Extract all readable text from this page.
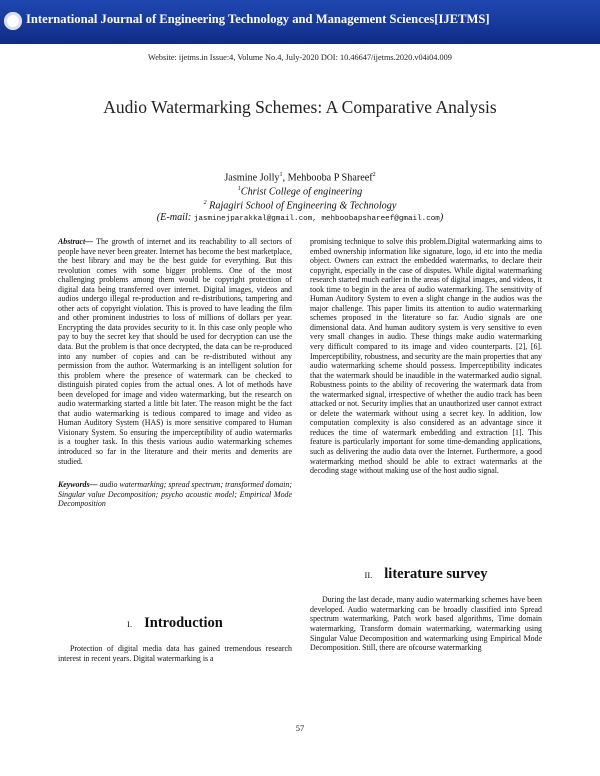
International Journal of Engineering Technology and Management Sciences[IJETMS]
Website: ijetms.in Issue:4, Volume No.4, July-2020 DOI: 10.46647/ijetms.2020.v04i04.009
Audio Watermarking Schemes: A Comparative Analysis
Jasmine Jolly$^1$, Mehbooba P Shareef$^2$
$^1$Christ College of engineering
$^2$ Rajagiri School of Engineering & Technology
(E-mail: jasminejparakkal@gmail.com, mehboobapshareef@gmail.com)

Abstract— The growth of internet and its reachability to all sectors of people have never been greater. Internet has become the best marketplace, the best library and may be the best guide for everything. But this revolution comes with some bigger problems. One of the most challenging problems among them would be copyright protection of digital data being transferred over internet. Digital images, videos and audios undergo illegal re-production and re-distributions, tampering and other acts of copyright violation. This is proved to have leading the film and other prominent industries to loss of millions of dollars per year. Encrypting the data provides security to it. In this case only people who pay to buy the secret key that should be used for decryption can use the data. But the problem is that once decrypted, the data can be re-produced into any number of copies and can be re-distributed without any permission from the author. Watermarking is an intelligent solution for this problem where the presence of watermark can be checked to distinguish pirated copies from the actual ones. A lot of methods have been developed for image and video watermarking, but the research on audio watermarking started a little bit later. The reason might be the fact that audio watermarking is tedious compared to image and video as Human Auditory System (HAS) is more sensitive compared to Human Visionary System. So ensuring the imperceptibility of audio watermarks is a tougher task. In this thesis various audio watermarking schemes introduced so far in the literature and their merits and demerits are studied.

Keywords— audio watermarking; spread spectrum; transformed domain; Singular value Decomposition; psycho acoustic model; Empirical Mode Decomposition

I. Introduction

Protection of digital media data has gained tremendous research interest in recent years. Digital watermarking is a

promising technique to solve this problem.Digital watermarking aims to embed ownership information like signature, logo, id etc into the media object. Owners can extract the embedded watermarks, to declare their copyright, especially in the case of disputes. While digital watermarking research started much earlier in the areas of digital images, and videos, it took time to begin in the area of audio watermarking. The sensitivity of Human Auditory System to even a slight change in the audios was the major challenge. This paper limits its attention to audio watermarking schemes proposed in the literature so far. Audio signals are one dimensional data. And human auditory system is very sensitive to even very small changes in audio. These things make audio watermarking very difficult compared to its image and video counterparts. [2], [6]. Imperceptibility, robustness, and security are the main properties that any audio watermarking scheme should possess. Imperceptibility indicates that the watermark should be inaudible in the watermarked audio signal. Robustness points to the ability of recovering the watermark data from the watermarked signal, irrespective of whether the audio track has been attacked or not. Security implies that an unauthorized user cannot extract or delete the watermark without using a secret key. In addition, low computation complexity is also considered as an advantage since it reduces the time of watermark embedding and extraction [1]. This feature is particularly important for some time-demanding applications, such as delivering the audio data over the Internet. Furthermore, a good watermarking method should be able to extract watermarks at the decoding stage without making use of the host audio signal.

II. literature survey

During the last decade, many audio watermarking schemes have been developed. Audio watermarking can be broadly classified into Spread spectrum watermarking, Patch work based algorithms, Time domain watermarking, Transform domain watermarking, watermarking using Singular Value Decomposition and watermarking using Empirical Mode Decomposition. Still, there are ofcourse watermarking

57
